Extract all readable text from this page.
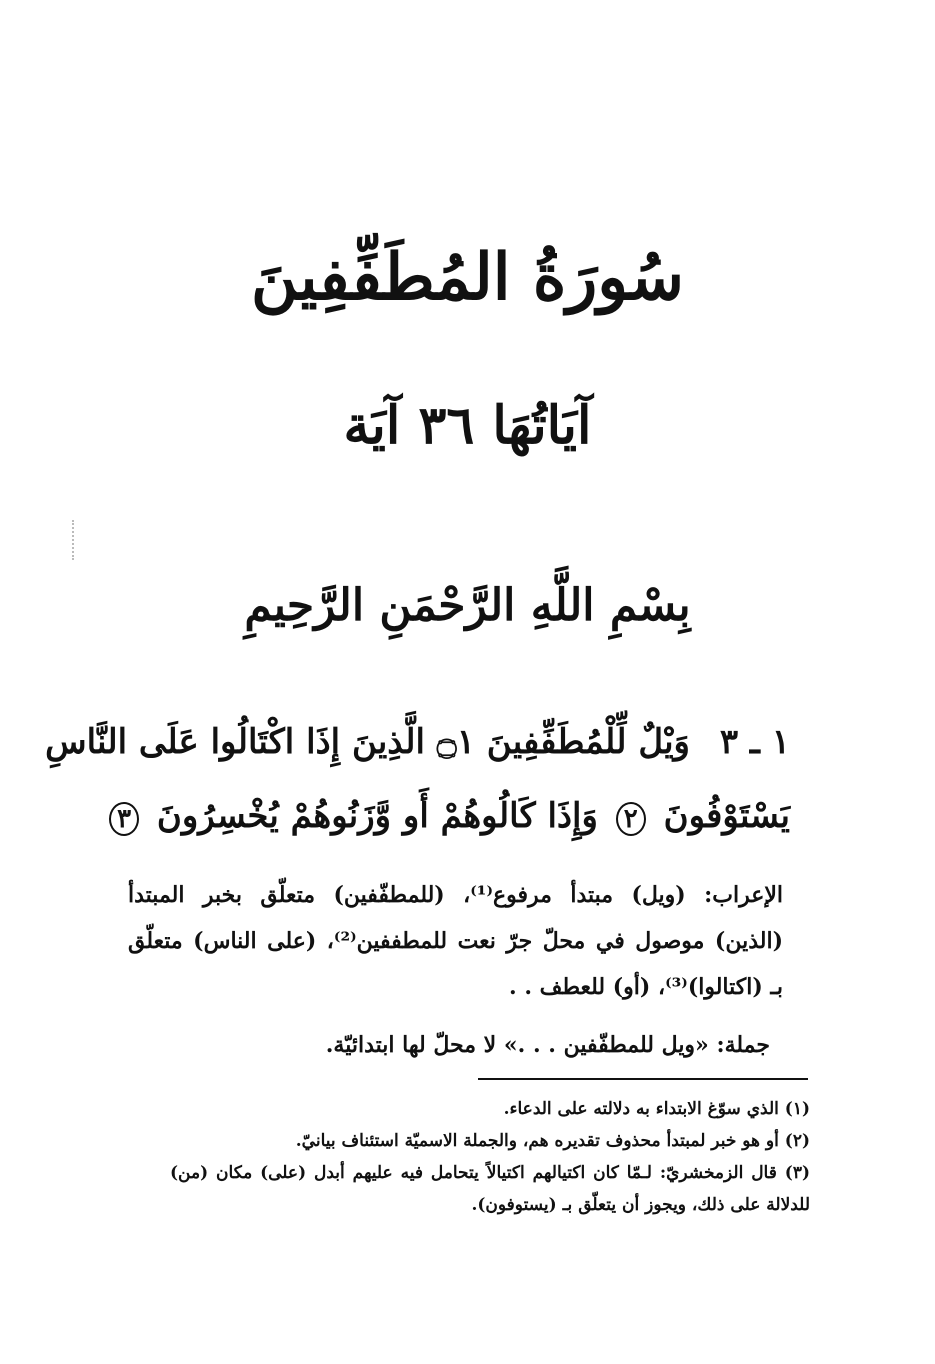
سُورَةُ المُطَفِّفِينَ
آيَاتُهَا ٣٦ آيَة
بِسْمِ اللَّهِ الرَّحْمَنِ الرَّحِيمِ
١ ـ ٣ وَيْلٌ لِّلْمُطَفِّفِينَ ۝١ الَّذِينَ إِذَا اكْتَالُوا عَلَى النَّاسِ
يَسْتَوْفُونَ ٢ وَإِذَا كَالُوهُمْ أَو وَّزَنُوهُمْ يُخْسِرُونَ ٣
الإعراب: (ويل) مبتدأ مرفوع⁽¹⁾، (للمطفّفين) متعلّق بخبر المبتدأ
(الذين) موصول في محلّ جرّ نعت للمطففين⁽²⁾، (على الناس) متعلّق
بـ (اكتالوا)⁽³⁾، (أو) للعطف . .
جملة: «ويل للمطفّفين . . .» لا محلّ لها ابتدائيّة.
(١) الذي سوّغ الابتداء به دلالته على الدعاء.
(٢) أو هو خبر لمبتدأ محذوف تقديره هم، والجملة الاسميّة استئناف بيانيّ.
(٣) قال الزمخشريّ: لـمّا كان اكتيالهم اكتيالاً يتحامل فيه عليهم أبدل (على) مكان (من)
للدلالة على ذلك، ويجوز أن يتعلّق بـ (يستوفون).
